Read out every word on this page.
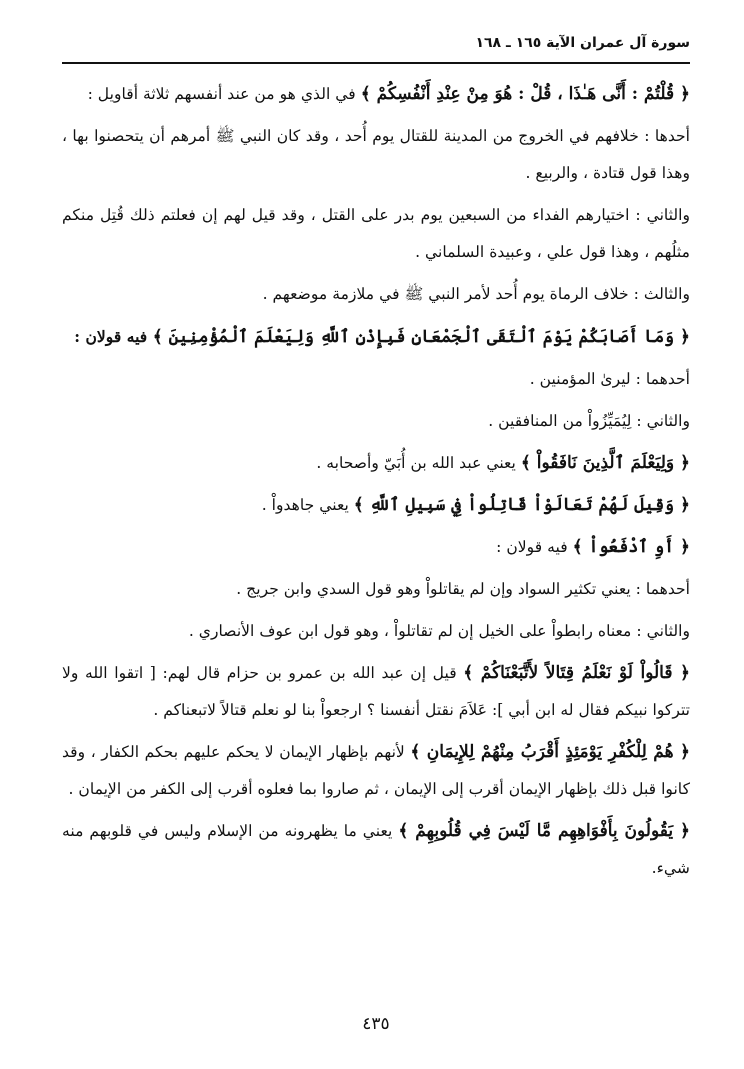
سورة آل عمران الآية ١٦٥ ـ ١٦٨

﴿ قُلْتُمْ : أَنَّى هَـٰذَا ، قُلْ : هُوَ مِنْ عِنْدِ أَنْفُسِكُمْ ﴾ في الذي هو من عند أنفسهم ثلاثة أقاويل :

أحدها : خلافهم في الخروج من المدينة للقتال يوم أُحد ، وقد كان النبي ﷺ أمرهم أن يتحصنوا بها ، وهذا قول قتادة ، والربيع .

والثاني : اختيارهم الفداء من السبعين يوم بدر على القتل ، وقد قيل لهم إن فعلتم ذلك قُتِل منكم مثلُهم ، وهذا قول علي ، وعبيدة السلماني .

والثالث : خلاف الرماة يوم أُحد لأمر النبي ﷺ في ملازمة موضعهم .

﴿ وَمَا أَصَابَكُمْ يَوْمَ ٱلْتَقَى ٱلْجَمْعَانِ فَبِإِذْنِ ٱللَّهِ وَلِيَعْلَمَ ٱلْمُؤْمِنِينَ ﴾ فيه قولان :

أحدهما : ليرىٰ المؤمنين .

والثاني : لِيُمَيِّزُواْ من المنافقين .

﴿ وَلِيَعْلَمَ ٱلَّذِينَ نَافَقُواْ ﴾ يعني عبد الله بن أُبَيّ وأصحابه .

﴿ وَقِيلَ لَهُمْ تَعَالَوْاْ قَاتِلُواْ فِي سَبِيلِ ٱللَّهِ ﴾ يعني جاهدواْ .

﴿ أَوِ ٱدْفَعُواْ ﴾ فيه قولان :

أحدهما : يعني تكثير السواد وإن لم يقاتلواْ وهو قول السدي وابن جريج .

والثاني : معناه رابطواْ على الخيل إن لم تقاتلواْ ، وهو قول ابن عوف الأنصاري .

﴿ قَالُواْ لَوْ نَعْلَمُ قِتَالاً لأَتَّبَعْنَاكُمْ ﴾ قيل إن عبد الله بن عمرو بن حزام قال لهم: [ اتقوا الله ولا تتركوا نبيكم فقال له ابن أبي ]: عَلاَمَ نقتل أنفسنا ؟ ارجعواْ بنا لو نعلم قتالاً لاتبعناكم .

﴿ هُمْ لِلْكُفْرِ يَوْمَئِذٍ أَقْرَبُ مِنْهُمْ لِلإِيمَانِ ﴾ لأنهم بإظهار الإيمان لا يحكم عليهم بحكم الكفار ، وقد كانوا قبل ذلك بإظهار الإيمان أقرب إلى الإيمان ، ثم صاروا بما فعلوه أقرب إلى الكفر من الإيمان .

﴿ يَقُولُونَ بِأَفْوَاهِهِم مَّا لَيْسَ فِي قُلُوبِهِمْ ﴾ يعني ما يظهرونه من الإسلام وليس في قلوبهم منه شيء.

٤٣٥
